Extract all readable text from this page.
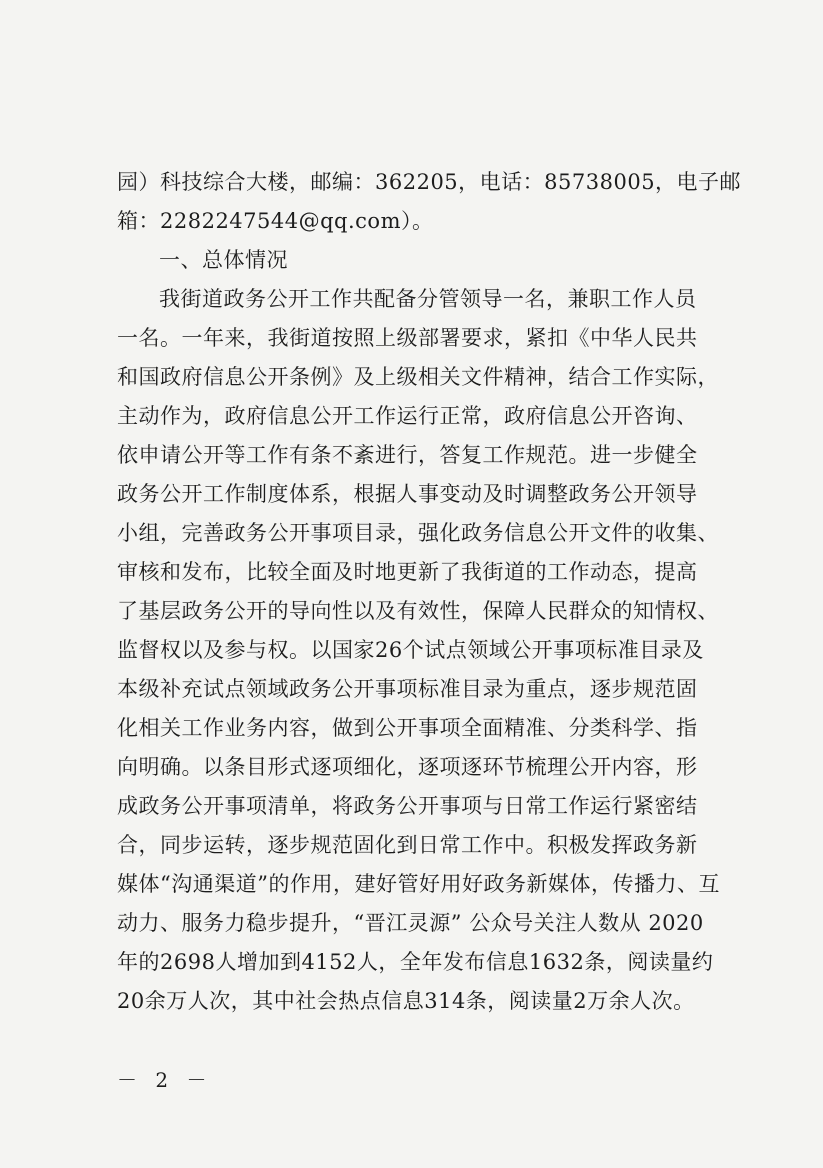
园）科技综合大楼，邮编：362205，电话：85738005，电子邮
箱：2282247544@qq.com）。
一、总体情况
我街道政务公开工作共配备分管领导一名，兼职工作人员
一名。一年来，我街道按照上级部署要求，紧扣《中华人民共
和国政府信息公开条例》及上级相关文件精神，结合工作实际，
主动作为，政府信息公开工作运行正常，政府信息公开咨询、
依申请公开等工作有条不紊进行，答复工作规范。进一步健全
政务公开工作制度体系，根据人事变动及时调整政务公开领导
小组，完善政务公开事项目录，强化政务信息公开文件的收集、
审核和发布，比较全面及时地更新了我街道的工作动态，提高
了基层政务公开的导向性以及有效性，保障人民群众的知情权、
监督权以及参与权。以国家26个试点领域公开事项标准目录及
本级补充试点领域政务公开事项标准目录为重点，逐步规范固
化相关工作业务内容，做到公开事项全面精准、分类科学、指
向明确。以条目形式逐项细化，逐项逐环节梳理公开内容，形
成政务公开事项清单，将政务公开事项与日常工作运行紧密结
合，同步运转，逐步规范固化到日常工作中。积极发挥政务新
媒体“沟通渠道”的作用，建好管好用好政务新媒体，传播力、互
动力、服务力稳步提升，“晋江灵源” 公众号关注人数从 2020
年的2698人增加到4152人，全年发布信息1632条，阅读量约
20余万人次，其中社会热点信息314条，阅读量2万余人次。
－ 2 －
